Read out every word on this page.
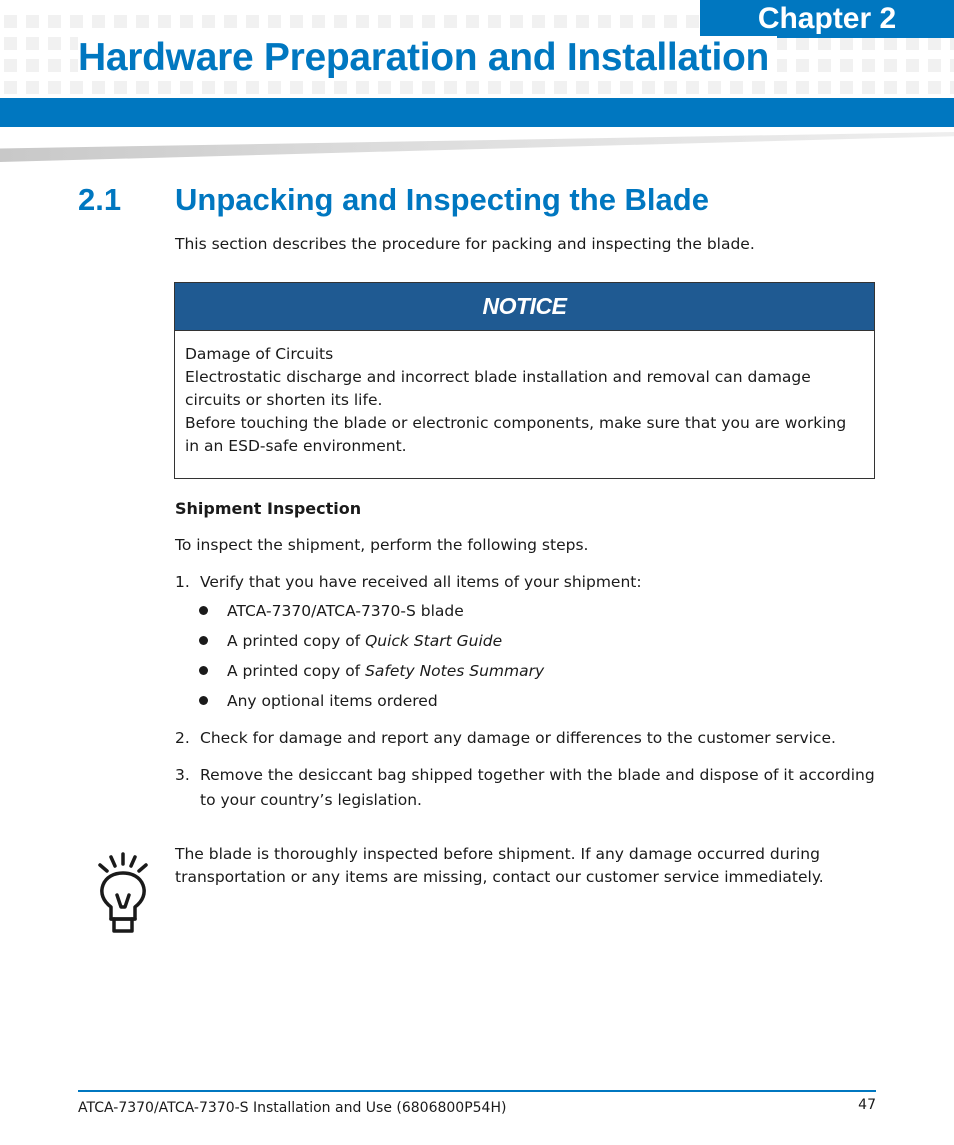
Chapter 2
Hardware Preparation and Installation
2.1 Unpacking and Inspecting the Blade
This section describes the procedure for packing and inspecting the blade.
NOTICE
Damage of Circuits
Electrostatic discharge and incorrect blade installation and removal can damage circuits or shorten its life.
Before touching the blade or electronic components, make sure that you are working in an ESD-safe environment.
Shipment Inspection
To inspect the shipment, perform the following steps.
1. Verify that you have received all items of your shipment:
ATCA-7370/ATCA-7370-S blade
A printed copy of Quick Start Guide
A printed copy of Safety Notes Summary
Any optional items ordered
2. Check for damage and report any damage or differences to the customer service.
3. Remove the desiccant bag shipped together with the blade and dispose of it according to your country’s legislation.
The blade is thoroughly inspected before shipment. If any damage occurred during transportation or any items are missing, contact our customer service immediately.
ATCA-7370/ATCA-7370-S Installation and Use (6806800P54H)	47
